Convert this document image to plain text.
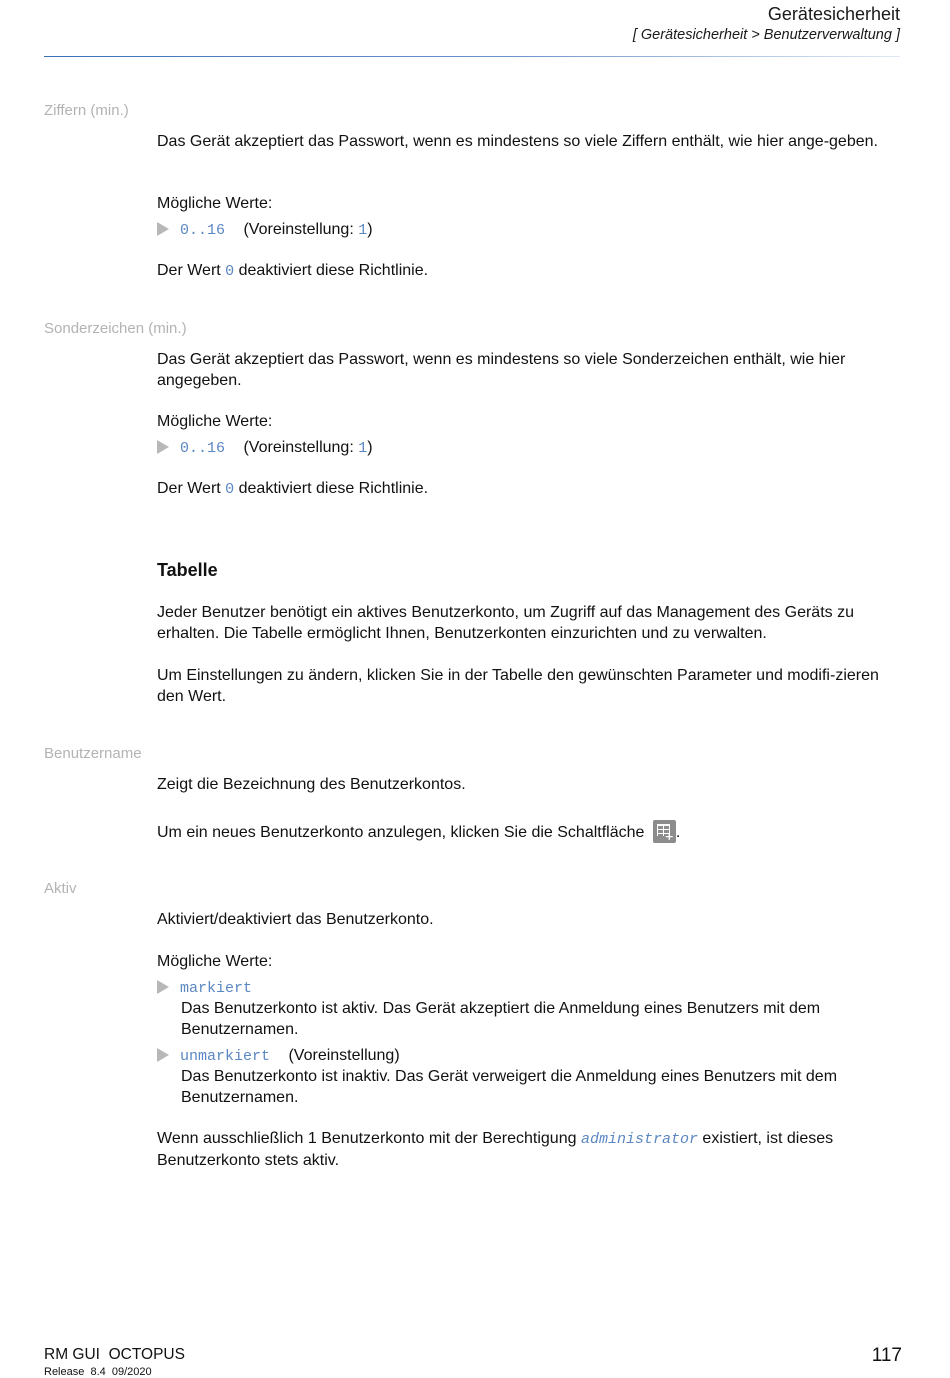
Gerätesicherheit
[ Gerätesicherheit > Benutzerverwaltung ]
Ziffern (min.)
Das Gerät akzeptiert das Passwort, wenn es mindestens so viele Ziffern enthält, wie hier ange-geben.
Mögliche Werte:
0..16 (Voreinstellung: 1)
Der Wert 0 deaktiviert diese Richtlinie.
Sonderzeichen (min.)
Das Gerät akzeptiert das Passwort, wenn es mindestens so viele Sonderzeichen enthält, wie hier angegeben.
Mögliche Werte:
0..16 (Voreinstellung: 1)
Der Wert 0 deaktiviert diese Richtlinie.
Tabelle
Jeder Benutzer benötigt ein aktives Benutzerkonto, um Zugriff auf das Management des Geräts zu erhalten. Die Tabelle ermöglicht Ihnen, Benutzerkonten einzurichten und zu verwalten.
Um Einstellungen zu ändern, klicken Sie in der Tabelle den gewünschten Parameter und modifi-zieren den Wert.
Benutzername
Zeigt die Bezeichnung des Benutzerkontos.
Um ein neues Benutzerkonto anzulegen, klicken Sie die Schaltfläche + .
Aktiv
Aktiviert/deaktiviert das Benutzerkonto.
Mögliche Werte:
markiert
Das Benutzerkonto ist aktiv. Das Gerät akzeptiert die Anmeldung eines Benutzers mit dem Benutzernamen.
unmarkiert (Voreinstellung)
Das Benutzerkonto ist inaktiv. Das Gerät verweigert die Anmeldung eines Benutzers mit dem Benutzernamen.
Wenn ausschließlich 1 Benutzerkonto mit der Berechtigung administrator existiert, ist dieses Benutzerkonto stets aktiv.
RM GUI  OCTOPUS
Release  8.4  09/2020
117
